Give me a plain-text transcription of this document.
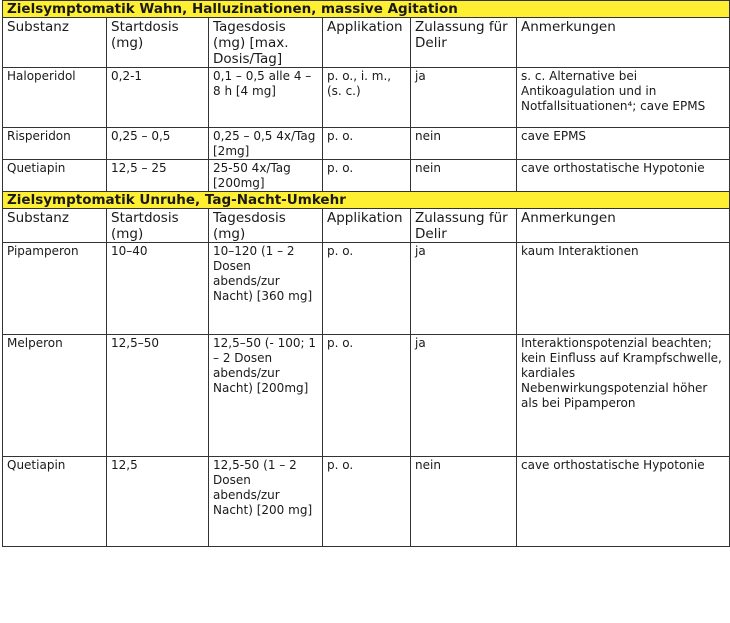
Zielsymptomatik Wahn, Halluzinationen, massive Agitation					
Substanz	Startdosis (mg)	Tagesdosis (mg) [max. Dosis/Tag]	Applikation	Zulassung für Delir	Anmerkungen
Haloperidol	0,2-1	0,1 – 0,5 alle 4 – 8 h [4 mg]	p. o., i. m., (s. c.)	ja	s. c. Alternative bei Antikoagulation und in Notfallsituationen⁴; cave EPMS
Risperidon	0,25 – 0,5	0,25 – 0,5 4x/Tag [2mg]	p. o.	nein	cave EPMS
Quetiapin	12,5 – 25	25-50 4x/Tag [200mg]	p. o.	nein	cave orthostatische Hypotonie
Zielsymptomatik Unruhe, Tag-Nacht-Umkehr					
Substanz	Startdosis (mg)	Tagesdosis (mg)	Applikation	Zulassung für Delir	Anmerkungen
Pipamperon	10–40	10–120 (1 – 2 Dosen abends/zur Nacht) [360 mg]	p. o.	ja	kaum Interaktionen
Melperon	12,5–50	12,5–50 (- 100; 1 – 2 Dosen abends/zur Nacht) [200mg]	p. o.	ja	Interaktionspotenzial beachten; kein Einfluss auf Krampfschwelle, kardiales Nebenwirkungspotenzial höher als bei Pipamperon
Quetiapin	12,5	12,5-50 (1 – 2 Dosen abends/zur Nacht) [200 mg]	p. o.	nein	cave orthostatische Hypotonie
